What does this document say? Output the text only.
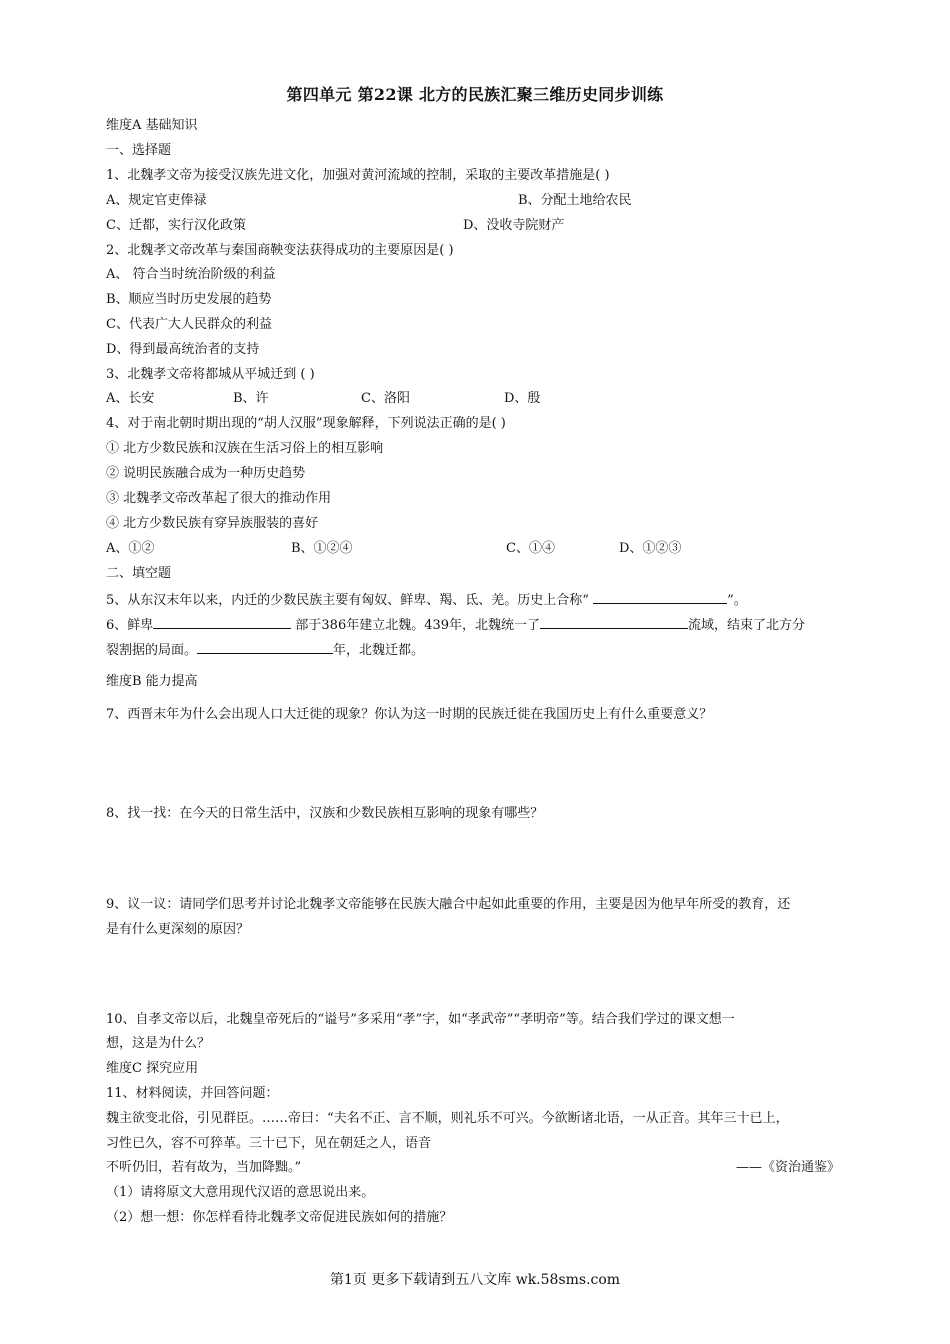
第四单元 第22课 北方的民族汇聚三维历史同步训练
维度A 基础知识
一、选择题
1、北魏孝文帝为接受汉族先进文化，加强对黄河流域的控制，采取的主要改革措施是( )
A、规定官吏俸禄	B、分配土地给农民
C、迁都，实行汉化政策	D、没收寺院财产
2、北魏孝文帝改革与秦国商鞅变法获得成功的主要原因是( )
A、 符合当时统治阶级的利益
B、顺应当时历史发展的趋势
C、代表广大人民群众的利益
D、得到最高统治者的支持
3、北魏孝文帝将都城从平城迁到 ( )
A、长安	B、许	C、洛阳	D、殷
4、对于南北朝时期出现的“胡人汉服”现象解释，下列说法正确的是( )
① 北方少数民族和汉族在生活习俗上的相互影响
② 说明民族融合成为一种历史趋势
③ 北魏孝文帝改革起了很大的推动作用
④ 北方少数民族有穿异族服装的喜好
A、①②	B、①②④	C、①④	D、①②③
二、填空题
5、从东汉末年以来，内迁的少数民族主要有匈奴、鲜卑、羯、氐、羌。历史上合称“	”。
6、鲜卑	部于386年建立北魏。439年，北魏统一了	流域，结束了北方分
裂割据的局面。	年，北魏迁都。
维度B 能力提高
7、西晋末年为什么会出现人口大迁徙的现象？你认为这一时期的民族迁徙在我国历史上有什么重要意义？
8、找一找：在今天的日常生活中，汉族和少数民族相互影响的现象有哪些？
9、议一议：请同学们思考并讨论北魏孝文帝能够在民族大融合中起如此重要的作用，主要是因为他早年所受的教育，还
是有什么更深刻的原因？
10、自孝文帝以后，北魏皇帝死后的“谥号”多采用“孝”字，如“孝武帝”“孝明帝”等。结合我们学过的课文想一
想，这是为什么？
维度C 探究应用
11、材料阅读，并回答问题：
魏主欲变北俗，引见群臣。……帝曰：“夫名不正、言不顺，则礼乐不可兴。今欲断诸北语，一从正音。其年三十已上，
习性已久，容不可猝革。三十已下，见在朝廷之人，语音
不听仍旧，若有故为，当加降黜。”	——《资治通鉴》
（1）请将原文大意用现代汉语的意思说出来。
（2）想一想：你怎样看待北魏孝文帝促进民族如何的措施？
第1页 更多下载请到五八文库 wk.58sms.com
